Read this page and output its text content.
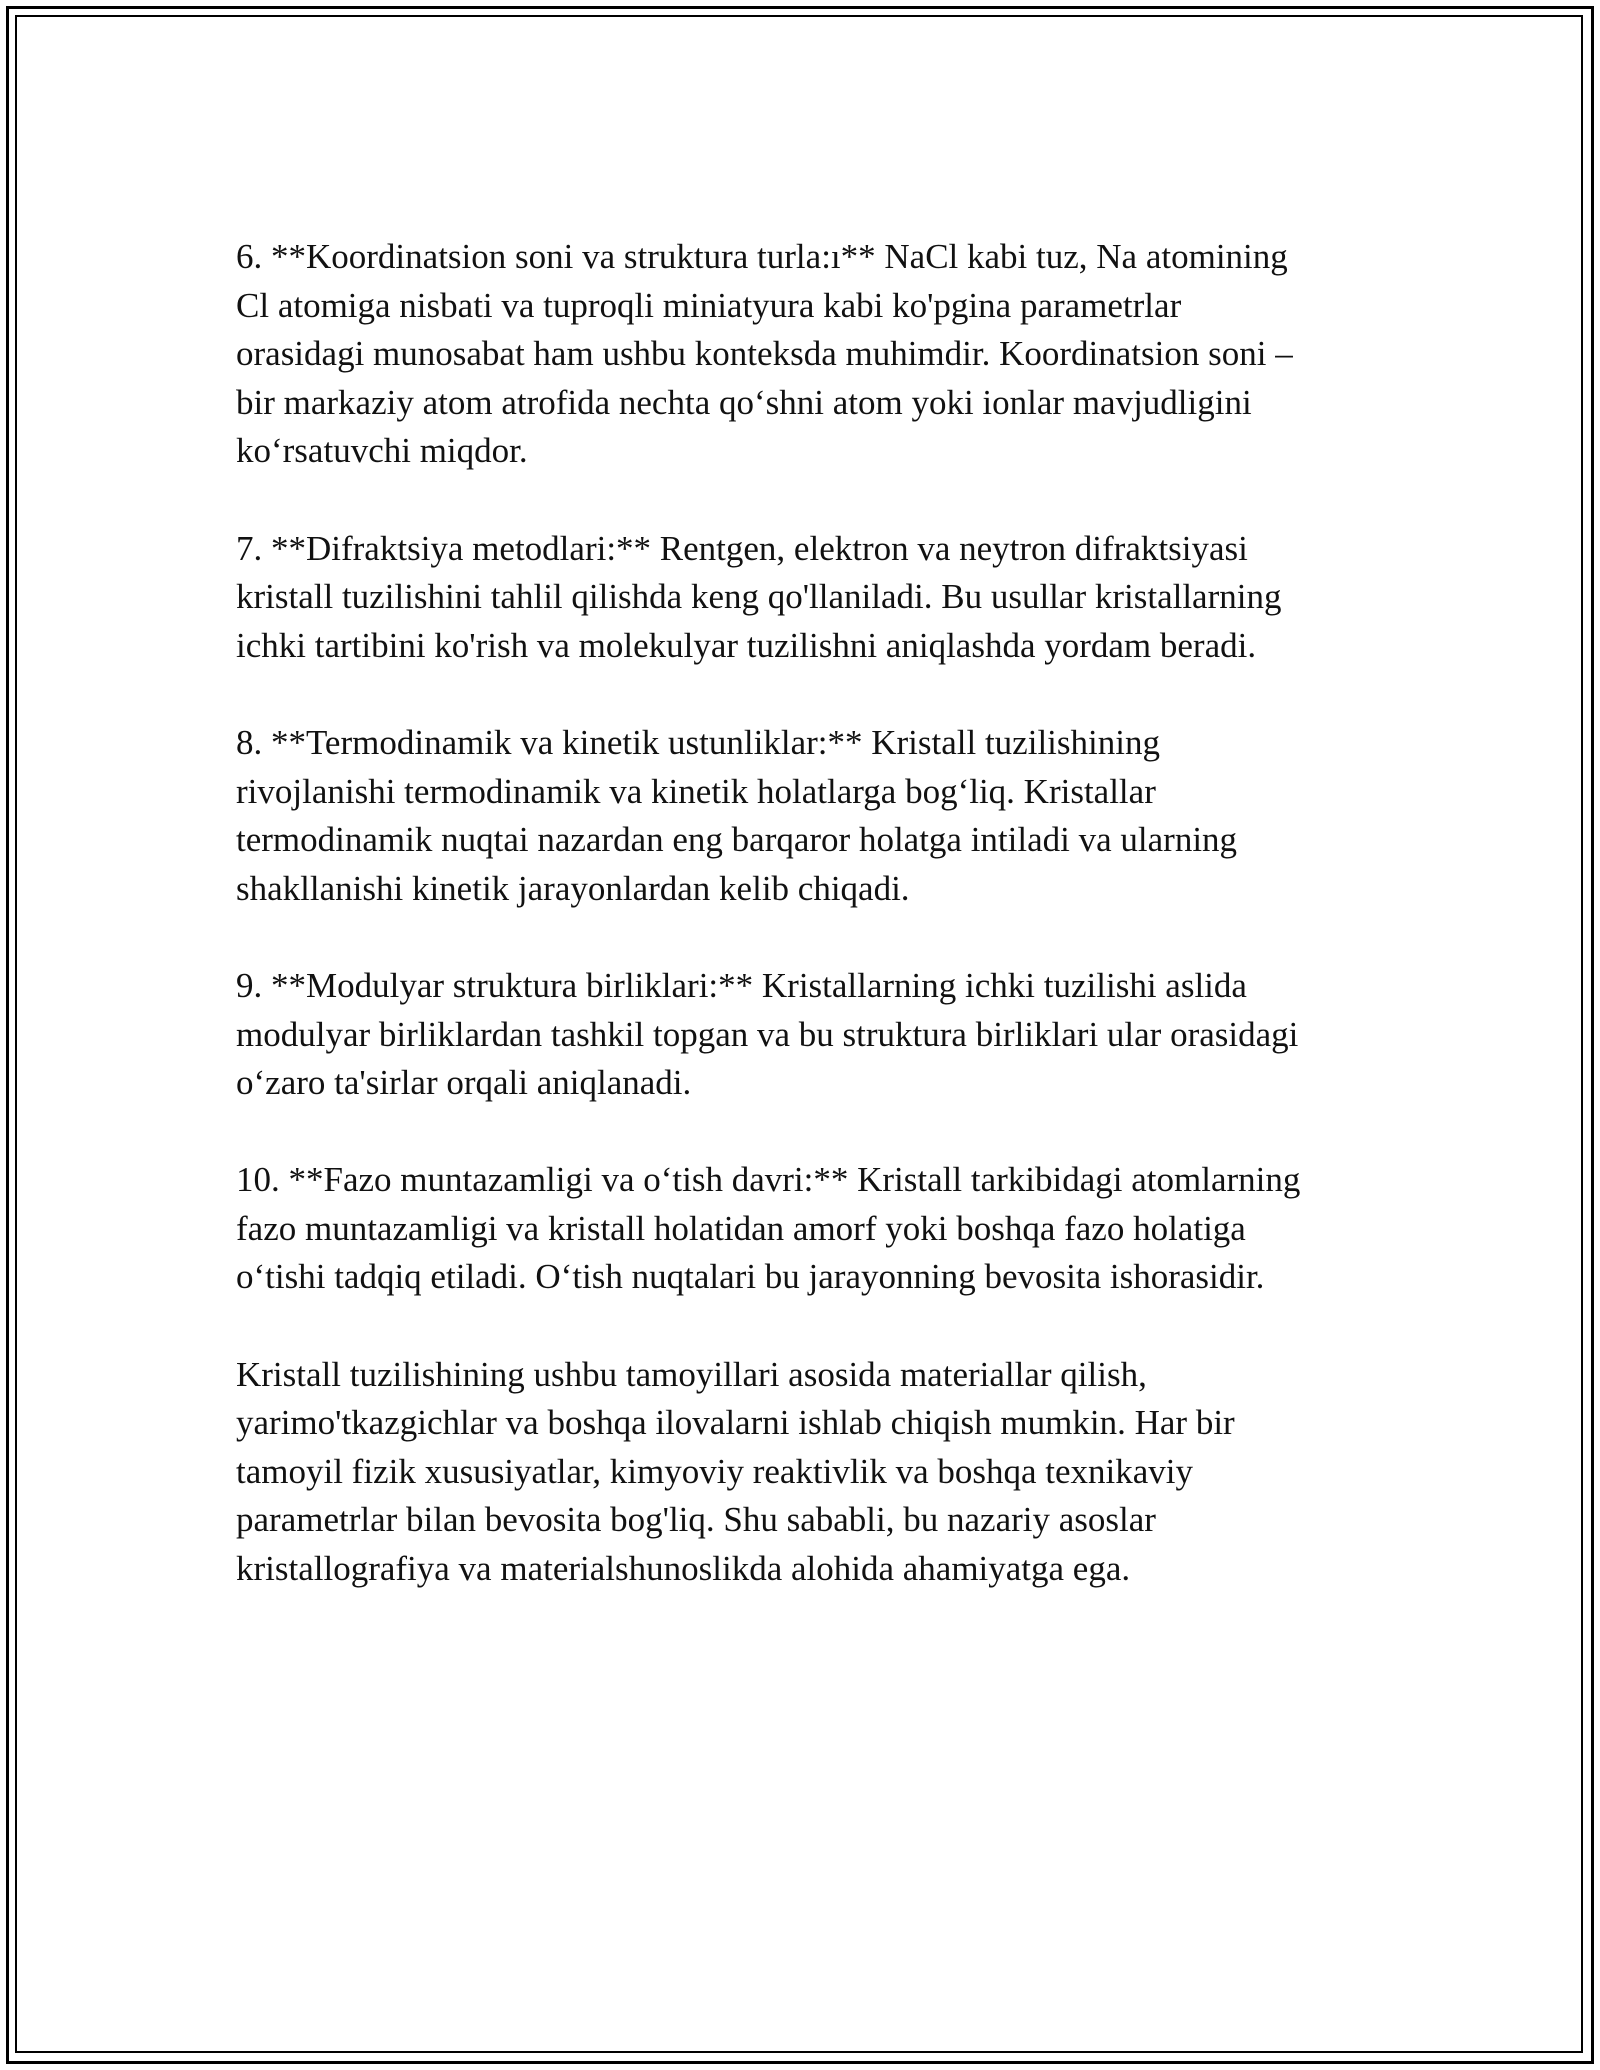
6. **Koordinatsion soni va struktura turla:ı** NaCl kabi tuz, Na atomining
Cl atomiga nisbati va tuproqli miniatyura kabi ko'pgina parametrlar
orasidagi munosabat ham ushbu konteksda muhimdir. Koordinatsion soni –
bir markaziy atom atrofida nechta qoʻshni atom yoki ionlar mavjudligini
koʻrsatuvchi miqdor.

7. **Difraktsiya metodlari:** Rentgen, elektron va neytron difraktsiyasi
kristall tuzilishini tahlil qilishda keng qo'llaniladi. Bu usullar kristallarning
ichki tartibini ko'rish va molekulyar tuzilishni aniqlashda yordam beradi.

8. **Termodinamik va kinetik ustunliklar:** Kristall tuzilishining
rivojlanishi termodinamik va kinetik holatlarga bogʻliq. Kristallar
termodinamik nuqtai nazardan eng barqaror holatga intiladi va ularning
shakllanishi kinetik jarayonlardan kelib chiqadi.

9. **Modulyar struktura birliklari:** Kristallarning ichki tuzilishi aslida
modulyar birliklardan tashkil topgan va bu struktura birliklari ular orasidagi
oʻzaro ta'sirlar orqali aniqlanadi.

10. **Fazo muntazamligi va oʻtish davri:** Kristall tarkibidagi atomlarning
fazo muntazamligi va kristall holatidan amorf yoki boshqa fazo holatiga
oʻtishi tadqiq etiladi. Oʻtish nuqtalari bu jarayonning bevosita ishorasidir.

Kristall tuzilishining ushbu tamoyillari asosida materiallar qilish,
yarimo'tkazgichlar va boshqa ilovalarni ishlab chiqish mumkin. Har bir
tamoyil fizik xususiyatlar, kimyoviy reaktivlik va boshqa texnikaviy
parametrlar bilan bevosita bog'liq. Shu sababli, bu nazariy asoslar
kristallografiya va materialshunoslikda alohida ahamiyatga ega.
